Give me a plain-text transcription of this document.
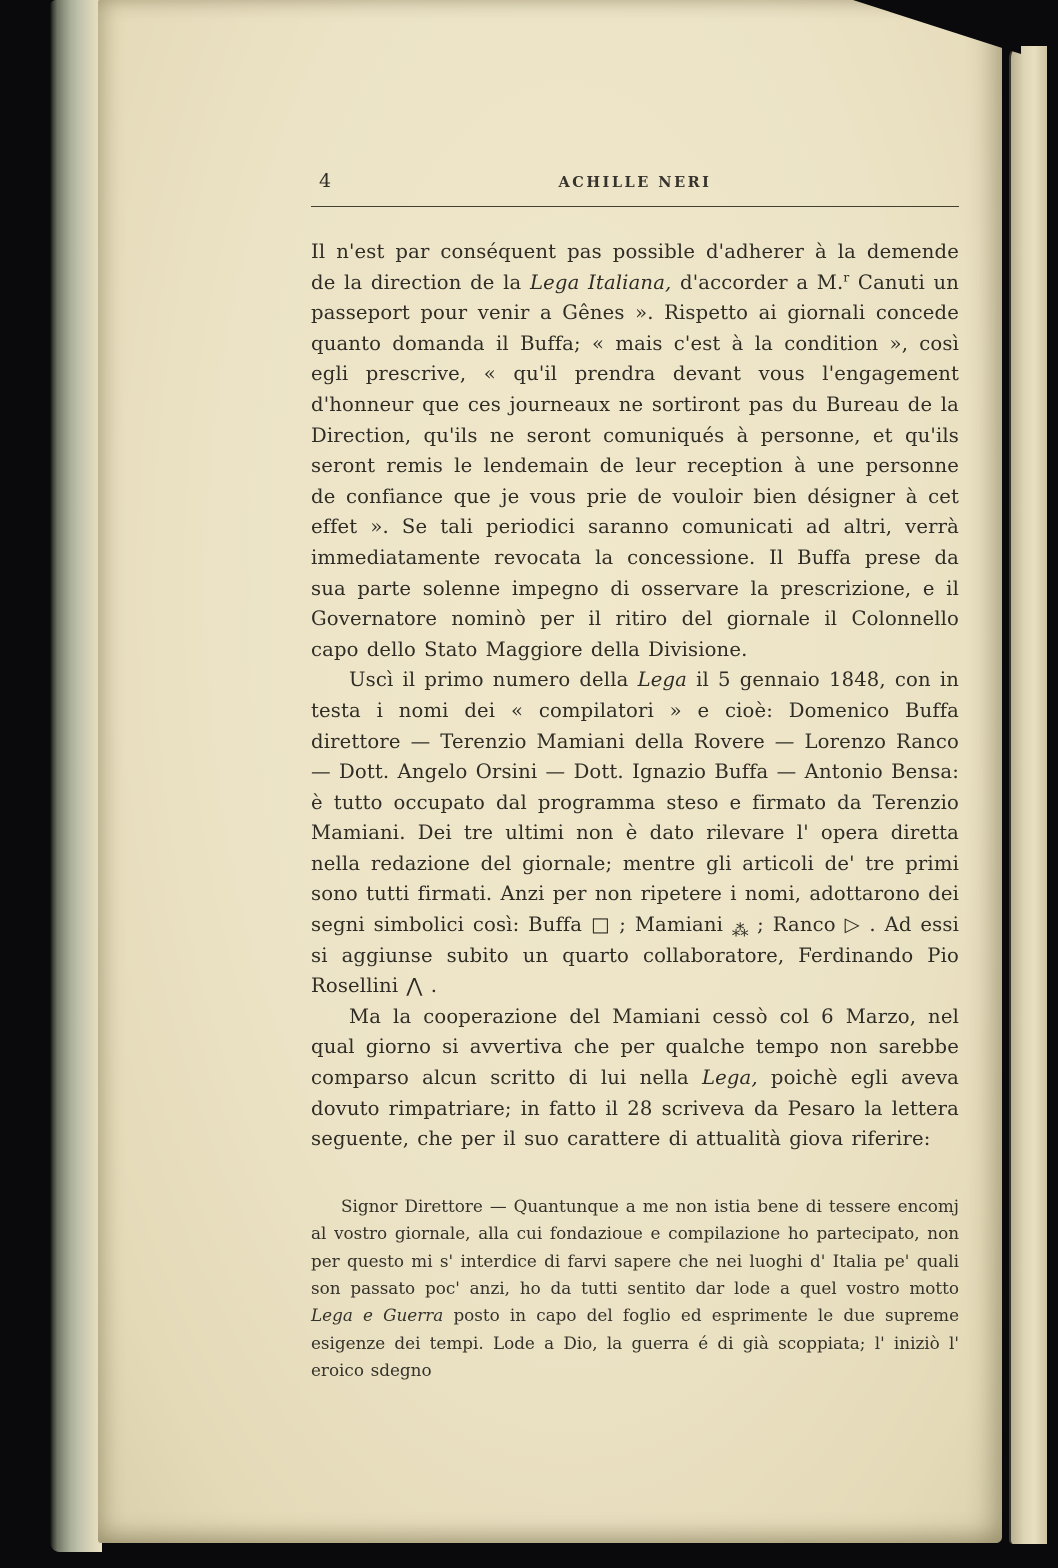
4	ACHILLE NERI

Il n'est par conséquent pas possible d'adherer à la demende de la direction de la Lega Italiana, d'accorder a M.$^r$ Canuti un passeport pour venir a Gênes ». Rispetto ai giornali concede quanto domanda il Buffa; « mais c'est à la condition », così egli prescrive, « qu'il prendra devant vous l'engagement d'honneur que ces journeaux ne sortiront pas du Bureau de la Direction, qu'ils ne seront comuniqués à personne, et qu'ils seront remis le lendemain de leur reception à une personne de confiance que je vous prie de vouloir bien désigner à cet effet ». Se tali periodici saranno comunicati ad altri, verrà immediatamente revocata la concessione. Il Buffa prese da sua parte solenne impegno di osservare la prescrizione, e il Governatore nominò per il ritiro del giornale il Colonnello capo dello Stato Maggiore della Divisione.

Uscì il primo numero della Lega il 5 gennaio 1848, con in testa i nomi dei « compilatori » e cioè: Domenico Buffa direttore — Terenzio Mamiani della Rovere — Lorenzo Ranco — Dott. Angelo Orsini — Dott. Ignazio Buffa — Antonio Bensa: è tutto occupato dal programma steso e firmato da Terenzio Mamiani. Dei tre ultimi non è dato rilevare l' opera diretta nella redazione del giornale; mentre gli articoli de' tre primi sono tutti firmati. Anzi per non ripetere i nomi, adottarono dei segni simbolici così: Buffa □ ; Mamiani $_⁂$ ; Ranco ▷ . Ad essi si aggiunse subito un quarto collaboratore, Ferdinando Pio Rosellini ⋀ .

Ma la cooperazione del Mamiani cessò col 6 Marzo, nel qual giorno si avvertiva che per qualche tempo non sarebbe comparso alcun scritto di lui nella Lega, poichè egli aveva dovuto rimpatriare; in fatto il 28 scriveva da Pesaro la lettera seguente, che per il suo carattere di attualità giova riferire:

Signor Direttore — Quantunque a me non istia bene di tessere encomj al vostro giornale, alla cui fondazioue e compilazione ho partecipato, non per questo mi s' interdice di farvi sapere che nei luoghi d' Italia pe' quali son passato poc' anzi, ho da tutti sentito dar lode a quel vostro motto Lega e Guerra posto in capo del foglio ed esprimente le due supreme esigenze dei tempi. Lode a Dio, la guerra é di già scoppiata; l' iniziò l' eroico sdegno
